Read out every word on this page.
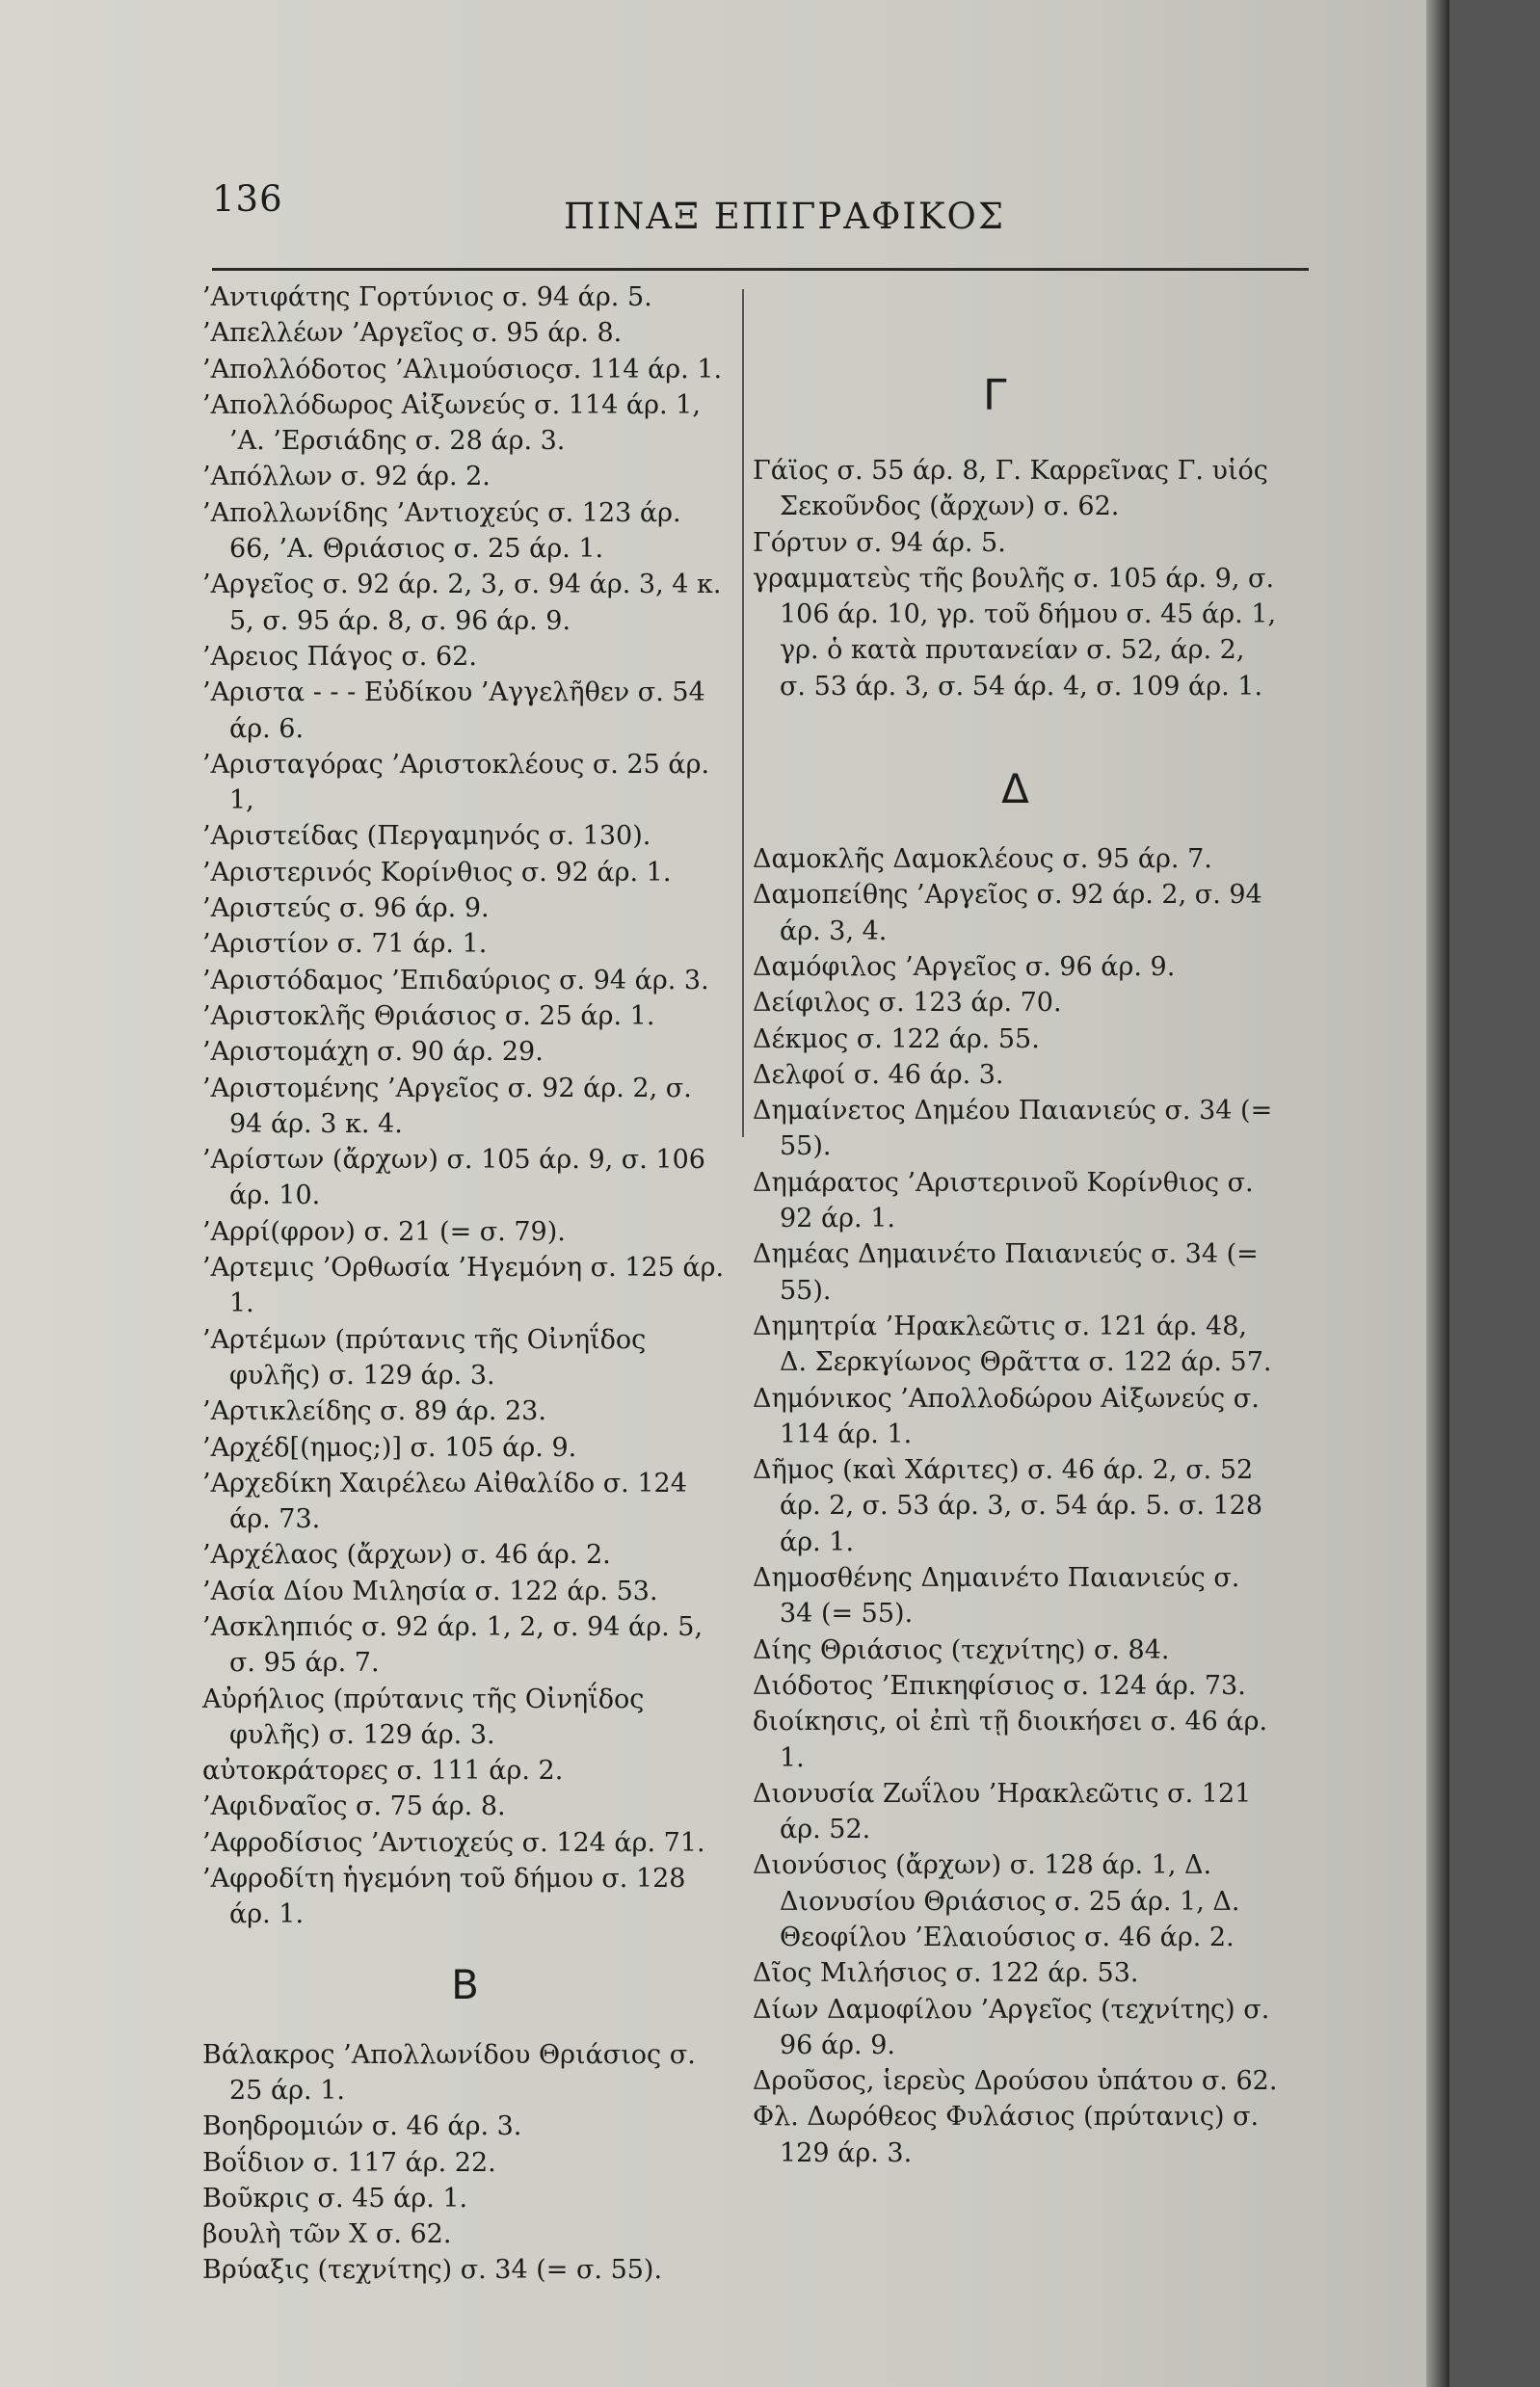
136	ΠΙΝΑΞ ΕΠΙΓΡΑΦΙΚΟΣ

’Αντιφάτης Γορτύνιος σ. 94 άρ. 5.

’Απελλέων ’Αργεῖος σ. 95 άρ. 8.

’Απολλόδοτος ’Αλιμούσιοςσ. 114 άρ. 1.

’Απολλόδωρος Αἰξωνεύς σ. 114 άρ. 1, ’Α. ’Ερσιάδης σ. 28 άρ. 3.

’Απόλλων σ. 92 άρ. 2.

’Απολλωνίδης ’Αντιοχεύς σ. 123 άρ. 66, ’Α. Θριάσιος σ. 25 άρ. 1.

’Αργεῖος σ. 92 άρ. 2, 3, σ. 94 άρ. 3, 4 κ. 5, σ. 95 άρ. 8, σ. 96 άρ. 9.

’Αρειος Πάγος σ. 62.

’Αριστα - - - Εὐδίκου ’Αγγελῆθεν σ. 54 άρ. 6.

’Αρισταγόρας ’Αριστοκλέους σ. 25 άρ. 1,

’Αριστείδας (Περγαμηνός σ. 130).

’Αριστερινός Κορίνθιος σ. 92 άρ. 1.

’Αριστεύς σ. 96 άρ. 9.

’Αριστίον σ. 71 άρ. 1.

’Αριστόδαμος ’Επιδαύριος σ. 94 άρ. 3.

’Αριστοκλῆς Θριάσιος σ. 25 άρ. 1.

’Αριστομάχη σ. 90 άρ. 29.

’Αριστομένης ’Αργεῖος σ. 92 άρ. 2, σ. 94 άρ. 3 κ. 4.

’Αρίστων (ἄρχων) σ. 105 άρ. 9, σ. 106 άρ. 10.

’Αρρί(φρον) σ. 21 (= σ. 79).

’Αρτεμις ’Ορθωσία ’Ηγεμόνη σ. 125 άρ. 1.

’Αρτέμων (πρύτανις τῆς Οἰνηΐδος φυλῆς) σ. 129 άρ. 3.

’Αρτικλείδης σ. 89 άρ. 23.

’Αρχέδ[(ημος;)] σ. 105 άρ. 9.

’Αρχεδίκη Χαιρέλεω Αἰθαλίδο σ. 124 άρ. 73.

’Αρχέλαος (ἄρχων) σ. 46 άρ. 2.

’Ασία Δίου Μιλησία σ. 122 άρ. 53.

’Ασκληπιός σ. 92 άρ. 1, 2, σ. 94 άρ. 5, σ. 95 άρ. 7.

Αὐρήλιος (πρύτανις τῆς Οἰνηΐδος φυλῆς) σ. 129 άρ. 3.

αὐτοκράτορες σ. 111 άρ. 2.

’Αφιδναῖος σ. 75 άρ. 8.

’Αφροδίσιος ’Αντιοχεύς σ. 124 άρ. 71.

’Αφροδίτη ἡγεμόνη τοῦ δήμου σ. 128 άρ. 1.

Β

Βάλακρος ’Απολλωνίδου Θριάσιος σ. 25 άρ. 1.

Βοηδρομιών σ. 46 άρ. 3.

Βοΐδιον σ. 117 άρ. 22.

Βοῦκρις σ. 45 άρ. 1.

βουλὴ τῶν Χ σ. 62.

Βρύαξις (τεχνίτης) σ. 34 (= σ. 55).

Γ

Γάϊος σ. 55 άρ. 8, Γ. Καρρεῖνας Γ. υἱός Σεκοῦνδος (ἄρχων) σ. 62.

Γόρτυν σ. 94 άρ. 5.

γραμματεὺς τῆς βουλῆς σ. 105 άρ. 9, σ. 106 άρ. 10, γρ. τοῦ δήμου σ. 45 άρ. 1, γρ. ὁ κατὰ πρυτανείαν σ. 52, άρ. 2, σ. 53 άρ. 3, σ. 54 άρ. 4, σ. 109 άρ. 1.

Δ

Δαμοκλῆς Δαμοκλέους σ. 95 άρ. 7.

Δαμοπείθης ’Αργεῖος σ. 92 άρ. 2, σ. 94 άρ. 3, 4.

Δαμόφιλος ’Αργεῖος σ. 96 άρ. 9.

Δείφιλος σ. 123 άρ. 70.

Δέκμος σ. 122 άρ. 55.

Δελφοί σ. 46 άρ. 3.

Δημαίνετος Δημέου Παιανιεύς σ. 34 (= 55).

Δημάρατος ’Αριστερινοῦ Κορίνθιος σ. 92 άρ. 1.

Δημέας Δημαινέτο Παιανιεύς σ. 34 (= 55).

Δημητρία ’Ηρακλεῶτις σ. 121 άρ. 48, Δ. Σερκγίωνος Θρᾶττα σ. 122 άρ. 57.

Δημόνικος ’Απολλοδώρου Αἰξωνεύς σ. 114 άρ. 1.

Δῆμος (καὶ Χάριτες) σ. 46 άρ. 2, σ. 52 άρ. 2, σ. 53 άρ. 3, σ. 54 άρ. 5. σ. 128 άρ. 1.

Δημοσθένης Δημαινέτο Παιανιεύς σ. 34 (= 55).

Δίης Θριάσιος (τεχνίτης) σ. 84.

Διόδοτος ’Επικηφίσιος σ. 124 άρ. 73.

διοίκησις, οἱ ἐπὶ τῇ διοικήσει σ. 46 άρ. 1.

Διονυσία Ζωΐλου ’Ηρακλεῶτις σ. 121 άρ. 52.

Διονύσιος (ἄρχων) σ. 128 άρ. 1, Δ. Διονυσίου Θριάσιος σ. 25 άρ. 1, Δ. Θεοφίλου ’Ελαιούσιος σ. 46 άρ. 2.

Δῖος Μιλήσιος σ. 122 άρ. 53.

Δίων Δαμοφίλου ’Αργεῖος (τεχνίτης) σ. 96 άρ. 9.

Δροῦσος, ἱερεὺς Δρούσου ὑπάτου σ. 62.

Φλ. Δωρόθεος Φυλάσιος (πρύτανις) σ. 129 άρ. 3.
